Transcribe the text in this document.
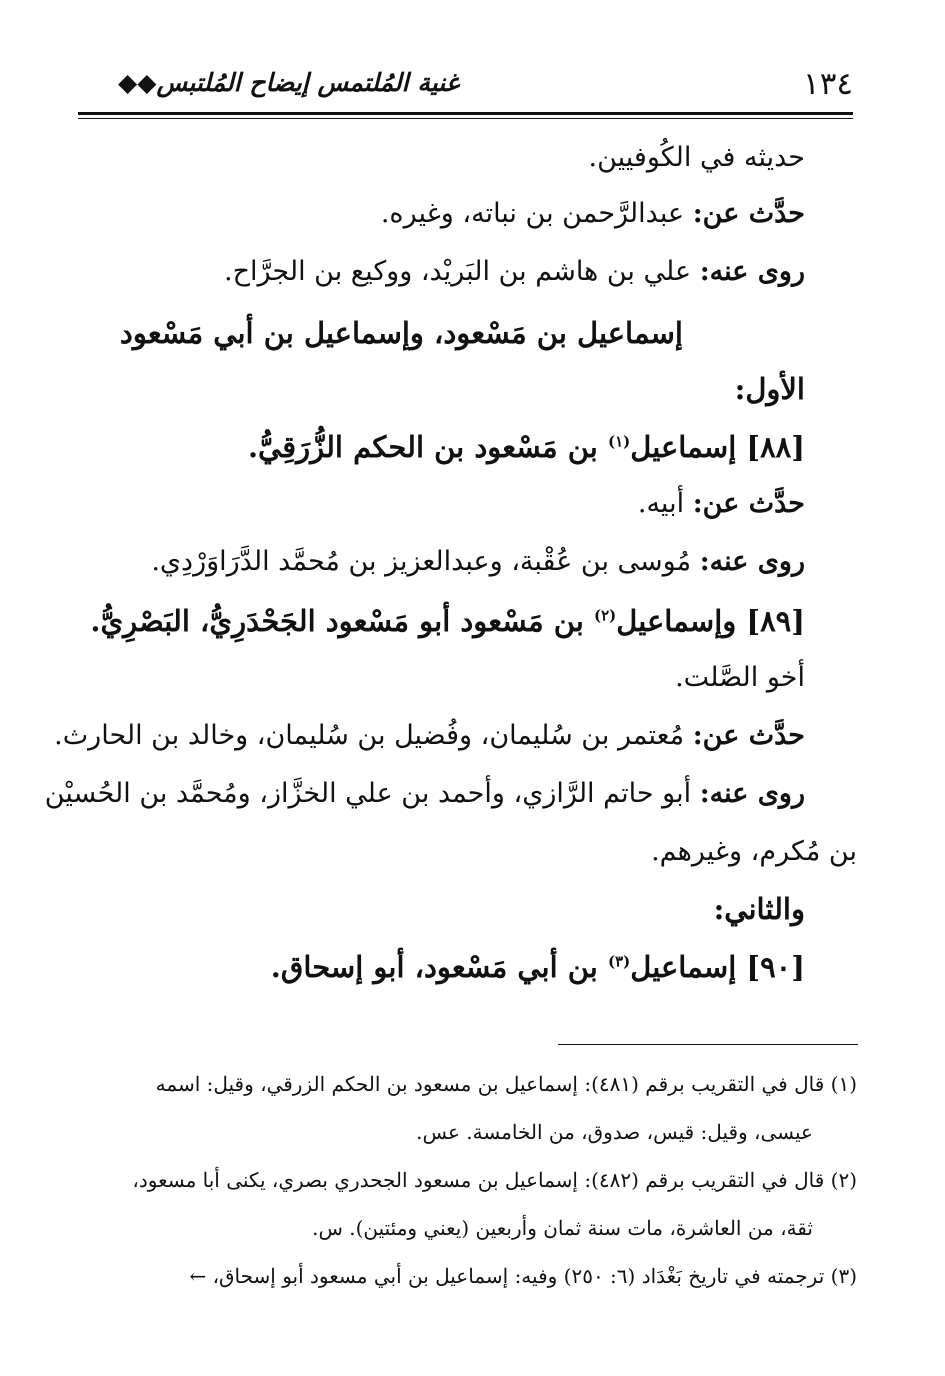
١٣٤
غنية المُلتمس إيضاح المُلتبس◆◆
حديثه في الكُوفيين.
حدَّث عن: عبدالرَّحمن بن نباته، وغيره.
روى عنه: علي بن هاشم بن البَريْد، ووكيع بن الجرَّاح.
إسماعيل بن مَسْعود، وإسماعيل بن أبي مَسْعود
الأول:
[٨٨] إسماعيل$^{(١)}$ بن مَسْعود بن الحكم الزُّرَقِيُّ.
حدَّث عن: أبيه.
روى عنه: مُوسى بن عُقْبة، وعبدالعزيز بن مُحمَّد الدَّرَاوَرْدِي.
[٨٩] وإسماعيل$^{(٢)}$ بن مَسْعود أبو مَسْعود الجَحْدَرِيُّ، البَصْرِيُّ.
أخو الصَّلت.
حدَّث عن: مُعتمر بن سُليمان، وفُضيل بن سُليمان، وخالد بن الحارث.
روى عنه: أبو حاتم الرَّازي، وأحمد بن علي الخزَّاز، ومُحمَّد بن الحُسيْن
بن مُكرم، وغيرهم.
والثاني:
[٩٠] إسماعيل$^{(٣)}$ بن أبي مَسْعود، أبو إسحاق.
(١) قال في التقريب برقم (٤٨١): إسماعيل بن مسعود بن الحكم الزرقي، وقيل: اسمه
عيسى، وقيل: قيس، صدوق، من الخامسة. عس.
(٢) قال في التقريب برقم (٤٨٢): إسماعيل بن مسعود الجحدري بصري، يكنى أبا مسعود،
ثقة، من العاشرة، مات سنة ثمان وأربعين (يعني ومئتين). س.
(٣) ترجمته في تاريخ بَغْدَاد (٦: ٢٥٠) وفيه: إسماعيل بن أبي مسعود أبو إسحاق، ←
